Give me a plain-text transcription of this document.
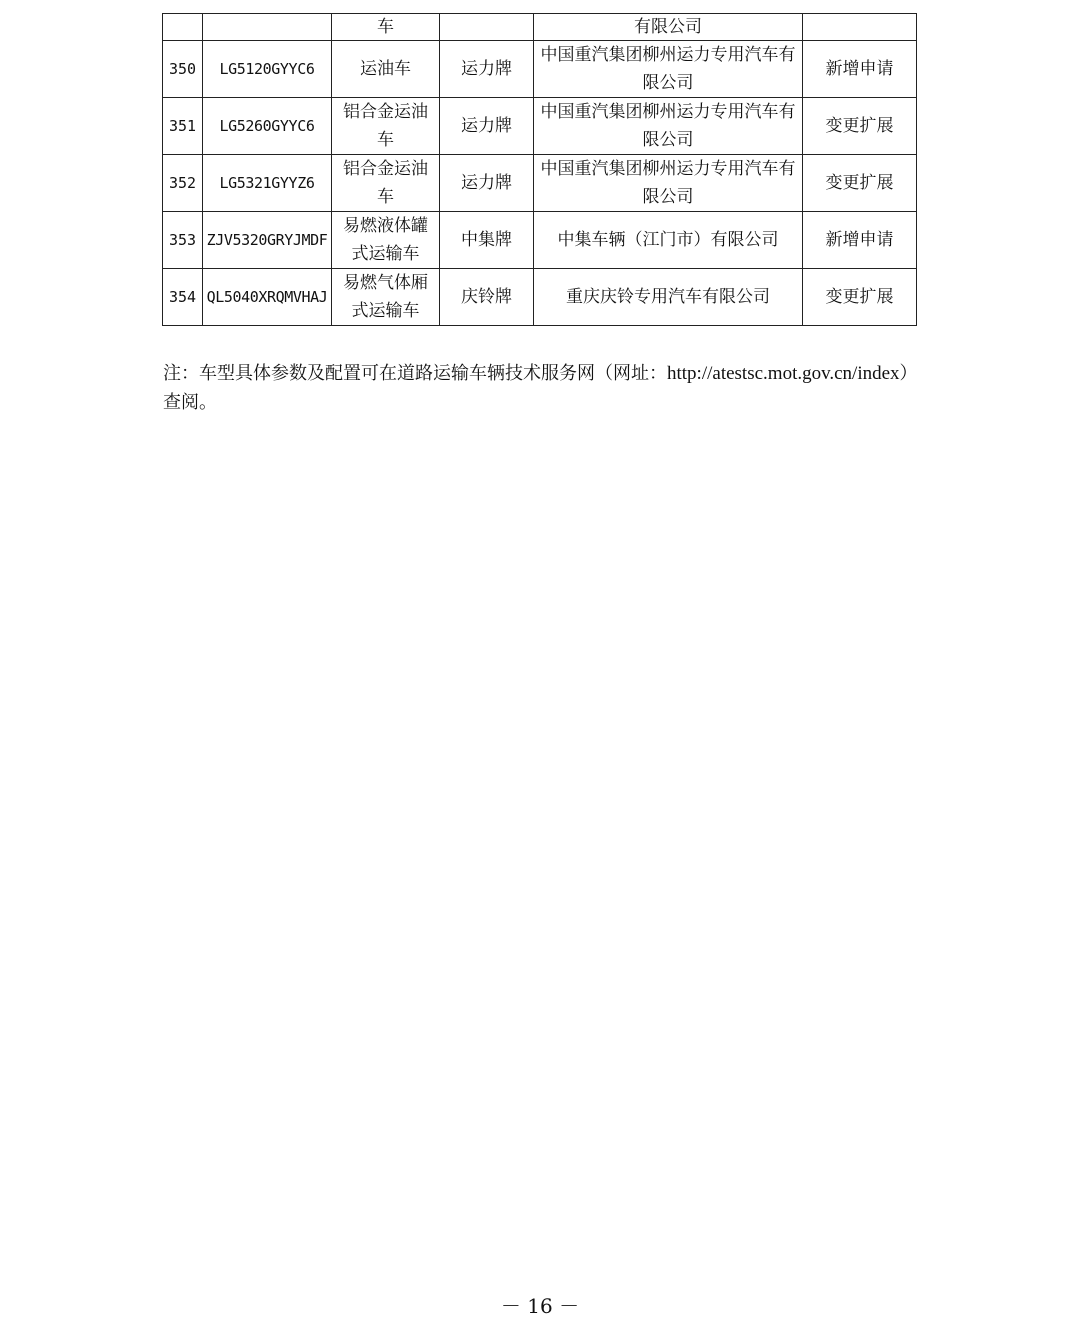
		车		有限公司	
350	LG5120GYYC6	运油车	运力牌	中国重汽集团柳州运力专用汽车有限公司	新增申请
351	LG5260GYYC6	铝合金运油车	运力牌	中国重汽集团柳州运力专用汽车有限公司	变更扩展
352	LG5321GYYZ6	铝合金运油车	运力牌	中国重汽集团柳州运力专用汽车有限公司	变更扩展
353	ZJV5320GRYJMDF	易燃液体罐式运输车	中集牌	中集车辆（江门市）有限公司	新增申请
354	QL5040XRQMVHAJ	易燃气体厢式运输车	庆铃牌	重庆庆铃专用汽车有限公司	变更扩展
注：车型具体参数及配置可在道路运输车辆技术服务网（网址：http://atestsc.mot.gov.cn/index）
查阅。
－ 16 －
